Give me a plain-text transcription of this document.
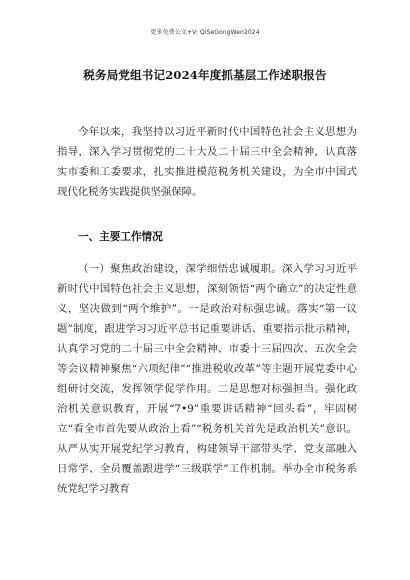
更多免费公文+V: QiSeGongWen2024
税务局党组书记2024年度抓基层工作述职报告
今年以来，我坚持以习近平新时代中国特色社会主义思想为指导，深入学习贯彻党的二十大及二十届三中全会精神，认真落实市委和工委要求，扎实推进模范税务机关建设，为全市中国式现代化税务实践提供坚强保障。
一、主要工作情况
（一）聚焦政治建设，深学细悟忠诚履职。深入学习习近平新时代中国特色社会主义思想，深刻领悟“两个确立”的决定性意义，坚决做到“两个维护”。一是政治对标强忠诚。落实“第一议题”制度，跟进学习习近平总书记重要讲话、重要指示批示精神，认真学习党的二十届三中全会精神、市委十三届四次、五次全会等会议精神聚焦“六项纪律”“推进税收改革”等主题开展党委中心组研讨交流，发挥领学促学作用。二是思想对标强担当。强化政治机关意识教育，开展“7•9”重要讲话精神“回头看”，牢固树立“看全市首先要从政治上看”“税务机关首先是政治机关”意识。从严从实开展党纪学习教育，构建领导干部带头学、党支部融入日常学、全员覆盖跟进学“三级联学”工作机制。举办全市税务系统党纪学习教育
